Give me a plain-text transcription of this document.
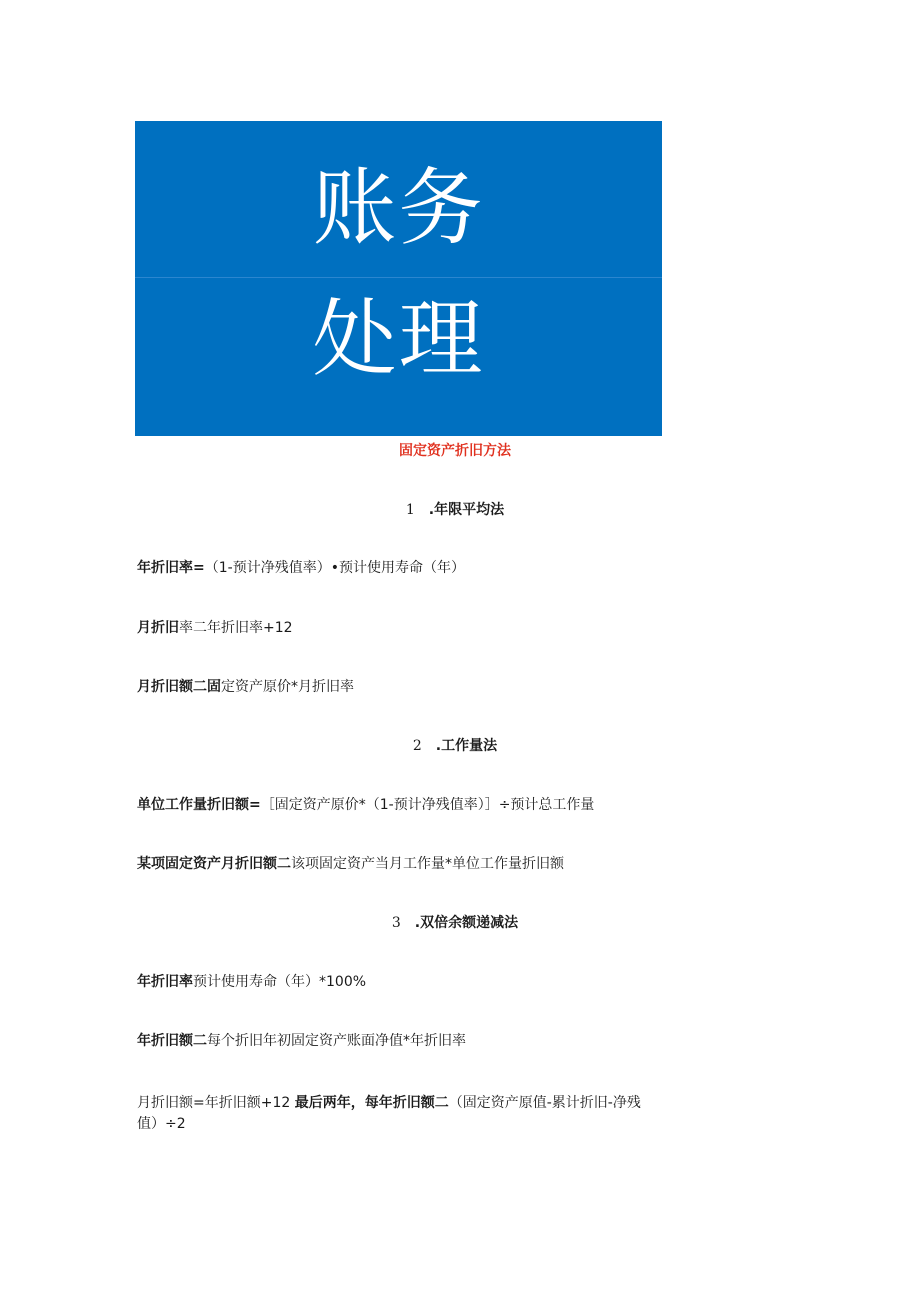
账务
处理
固定资产折旧方法
1 .年限平均法
年折旧率=（1-预计净残值率）•预计使用寿命（年）
月折旧率二年折旧率+12
月折旧额二固定资产原价*月折旧率
2 .工作量法
单位工作量折旧额=［固定资产原价*（1-预计净残值率）］÷预计总工作量
某项固定资产月折旧额二该项固定资产当月工作量*单位工作量折旧额
3 .双倍余额递减法
年折旧率预计使用寿命（年）*100%
年折旧额二每个折旧年初固定资产账面净值*年折旧率
月折旧额=年折旧额+12 最后两年，每年折旧额二（固定资产原值-累计折旧-净残值）÷2
